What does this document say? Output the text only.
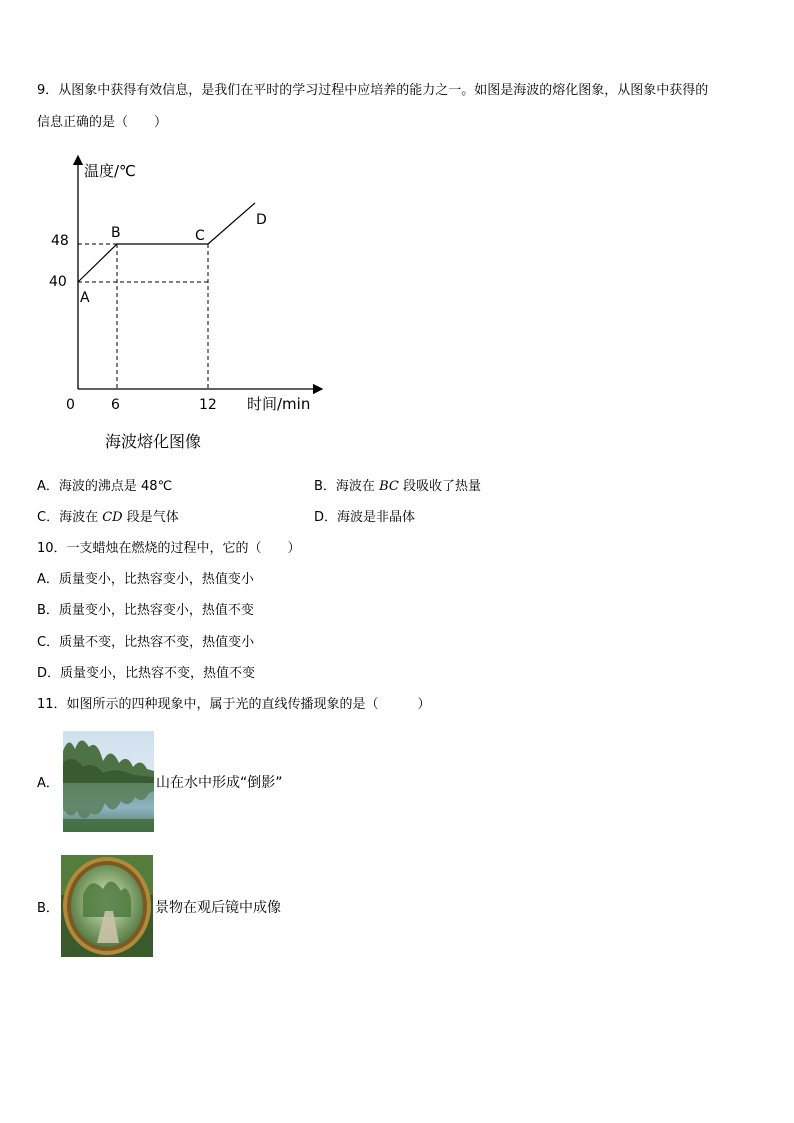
9．从图象中获得有效信息，是我们在平时的学习过程中应培养的能力之一。如图是海波的熔化图象，从图象中获得的
信息正确的是（　　）
温度/℃
时间/min
0	6	12
40
48
A
B	C
D
海波熔化图像
A．海波的沸点是 48℃	B．海波在 BC 段吸收了热量
C．海波在 CD 段是气体	D．海波是非晶体
10．一支蜡烛在燃烧的过程中，它的（　　）
A．质量变小，比热容变小，热值变小
B．质量变小，比热容变小，热值不变
C．质量不变，比热容不变，热值变小
D．质量变小，比热容不变，热值不变
11．如图所示的四种现象中，属于光的直线传播现象的是（　　　）
A．	山在水中形成“倒影”
B．	景物在观后镜中成像
